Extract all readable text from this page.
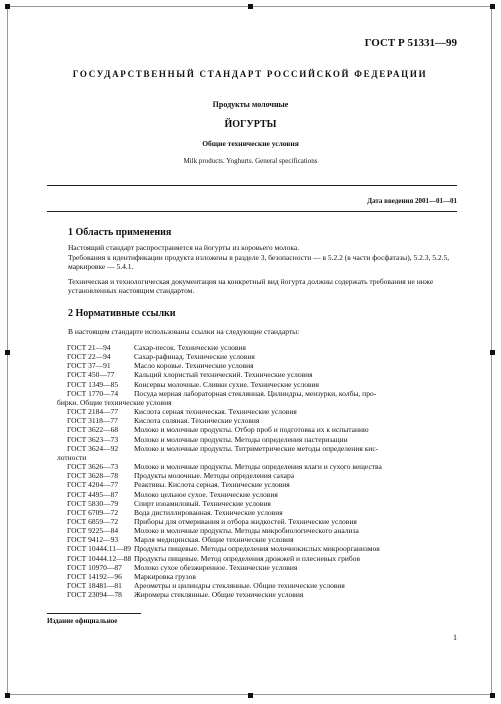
ГОСТ Р 51331—99
ГОСУДАРСТВЕННЫЙ СТАНДАРТ РОССИЙСКОЙ ФЕДЕРАЦИИ
Продукты молочные
ЙОГУРТЫ
Общие технические условия
Milk products. Yoghurts. General specifications
Дата введения 2001—01—01
1 Область применения

Настоящий стандарт распространяется на йогурты из коровьего молока.

Требования к идентификации продукта изложены в разделе 3, безопасности — в 5.2.2 (в части фосфатазы), 5.2.3, 5.2.5, маркировке — 5.4.1.

Техническая и технологическая документация на конкретный вид йогурта должны содержать требования не ниже установленных настоящим стандартом.

2 Нормативные ссылки

В настоящем стандарте использованы ссылки на следующие стандарты:

ГОСТ 21—94	Сахар-песок. Технические условия
ГОСТ 22—94	Сахар-рафинад. Технические условия
ГОСТ 37—91	Масло коровье. Технические условия
ГОСТ 450—77	Кальций хлористый технический. Технические условия
ГОСТ 1349—85	Консервы молочные. Сливки сухие. Технические условия
ГОСТ 1770—74	Посуда мерная лабораторная стеклянная. Цилиндры, мензурки, колбы, про-
бирки. Общие технические условия
ГОСТ 2184—77	Кислота серная техническая. Технические условия
ГОСТ 3118—77	Кислота соляная. Технические условия
ГОСТ 3622—68	Молоко и молочные продукты. Отбор проб и подготовка их к испытанию
ГОСТ 3623—73	Молоко и молочные продукты. Методы определения пастеризации
ГОСТ 3624—92	Молоко и молочные продукты. Титриметрические методы определения кис-
лотности
ГОСТ 3626—73	Молоко и молочные продукты. Методы определения влаги и сухого вещества
ГОСТ 3628—78	Продукты молочные. Методы определения сахара
ГОСТ 4204—77	Реактивы. Кислота серная. Технические условия
ГОСТ 4495—87	Молоко цельное сухое. Технические условия
ГОСТ 5830—79	Спирт изоамиловый. Технические условия
ГОСТ 6709—72	Вода дистиллированная. Технические условия
ГОСТ 6859—72	Приборы для отмеривания и отбора жидкостей. Технические условия
ГОСТ 9225—84	Молоко и молочные продукты. Методы микробиологического анализа
ГОСТ 9412—93	Марля медицинская. Общие технические условия
ГОСТ 10444.11—89 Продукты пищевые. Методы определения молочнокислых микроорганизмов
ГОСТ 10444.12—88 Продукты пищевые. Метод определения дрожжей и плесневых грибов
ГОСТ 10970—87	Молоко сухое обезжиренное. Технические условия
ГОСТ 14192—96	Маркировка грузов
ГОСТ 18481—81	Ареометры и цилиндры стеклянные. Общие технические условия
ГОСТ 23094—78	Жиромеры стеклянные. Общие технические условия
Издание официальное
1
